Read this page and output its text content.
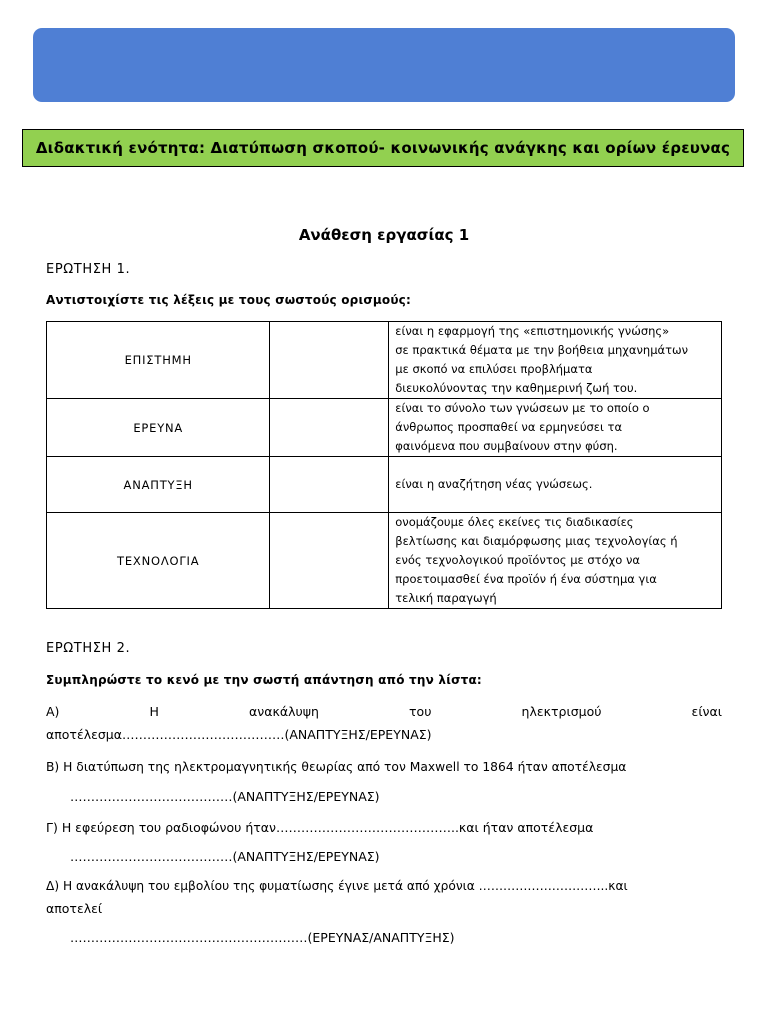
Διδακτική ενότητα: Διατύπωση σκοπού- κοινωνικής ανάγκης και ορίων έρευνας
Ανάθεση εργασίας 1
ΕΡΩΤΗΣΗ 1.
Αντιστοιχίστε τις λέξεις με τους σωστούς ορισμούς:
ΕΠΙΣΤΗΜΗ		είναι η εφαρμογή της «επιστημονικής γνώσης»
σε πρακτικά θέματα με την βοήθεια μηχανημάτων
με σκοπό να επιλύσει προβλήματα
διευκολύνοντας την καθημερινή ζωή του.

ΕΡΕΥΝΑ		είναι το σύνολο των γνώσεων με το οποίο ο
άνθρωπος προσπαθεί να ερμηνεύσει τα
φαινόμενα που συμβαίνουν στην φύση.

ΑΝΑΠΤΥΞΗ		είναι η αναζήτηση νέας γνώσεως.

ΤΕΧΝΟΛΟΓΙΑ		ονομάζουμε όλες εκείνες τις διαδικασίες
βελτίωσης και διαμόρφωσης μιας τεχνολογίας ή
ενός τεχνολογικού προϊόντος με στόχο να
προετοιμασθεί ένα προϊόν ή ένα σύστημα για
τελική παραγωγή
ΕΡΩΤΗΣΗ 2.
Συμπληρώστε το κενό με την σωστή απάντηση από την λίστα:
Α) Η ανακάλυψη του ηλεκτρισμού είναι
αποτέλεσμα…………………………………(ΑΝΑΠΤΥΞΗΣ/ΕΡΕΥΝΑΣ)
Β) Η διατύπωση της ηλεκτρομαγνητικής θεωρίας από τον Maxwell το 1864 ήταν αποτέλεσμα
…………………………………(ΑΝΑΠΤΥΞΗΣ/ΕΡΕΥΝΑΣ)
Γ) Η εφεύρεση του ραδιοφώνου ήταν……………………………………..και ήταν αποτέλεσμα
…………………………………(ΑΝΑΠΤΥΞΗΣ/ΕΡΕΥΝΑΣ)
Δ) Η ανακάλυψη του εμβολίου της φυματίωσης έγινε μετά από χρόνια …………………………..και
αποτελεί
…………………………………………………(ΕΡΕΥΝΑΣ/ΑΝΑΠΤΥΞΗΣ)
